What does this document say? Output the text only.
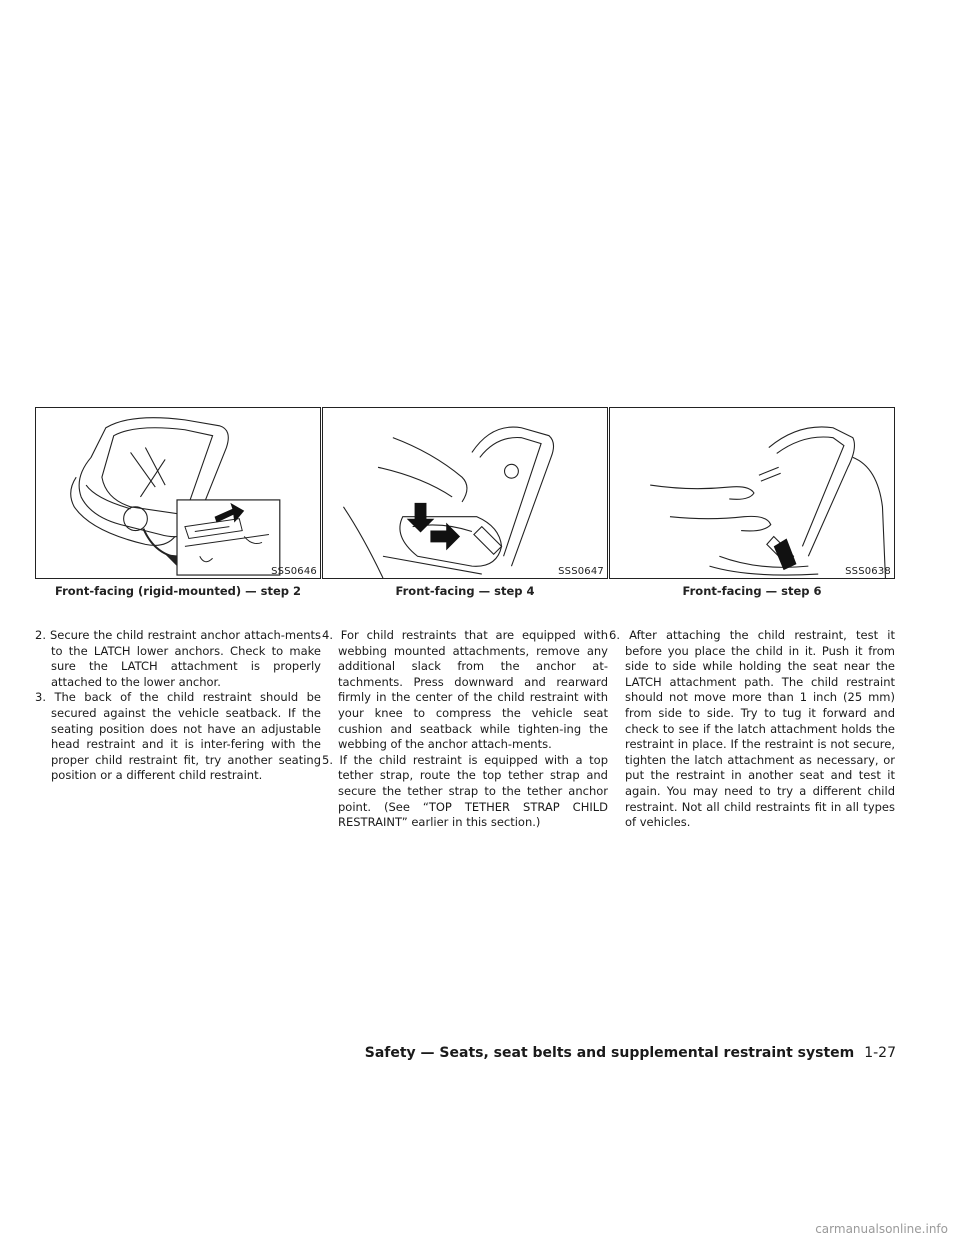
SSS0646
Front-facing (rigid-mounted) — step 2
SSS0647
Front-facing — step 4
SSS0638
Front-facing — step 6

2. Secure the child restraint anchor attach-ments to the LATCH lower anchors. Check to make sure the LATCH attachment is properly attached to the lower anchor.

3. The back of the child restraint should be secured against the vehicle seatback. If the seating position does not have an adjustable head restraint and it is inter-fering with the proper child restraint fit, try another seating position or a different child restraint.

4. For child restraints that are equipped with webbing mounted attachments, remove any additional slack from the anchor at-tachments. Press downward and rearward firmly in the center of the child restraint with your knee to compress the vehicle seat cushion and seatback while tighten-ing the webbing of the anchor attach-ments.

5. If the child restraint is equipped with a top tether strap, route the top tether strap and secure the tether strap to the tether anchor point. (See “TOP TETHER STRAP CHILD RESTRAINT” earlier in this section.)

6. After attaching the child restraint, test it before you place the child in it. Push it from side to side while holding the seat near the LATCH attachment path. The child restraint should not move more than 1 inch (25 mm) from side to side. Try to tug it forward and check to see if the latch attachment holds the restraint in place. If the restraint is not secure, tighten the latch attachment as necessary, or put the restraint in another seat and test it again. You may need to try a different child restraint. Not all child restraints fit in all types of vehicles.

Safety — Seats, seat belts and supplemental restraint system 1-27
carmanualsonline.info
